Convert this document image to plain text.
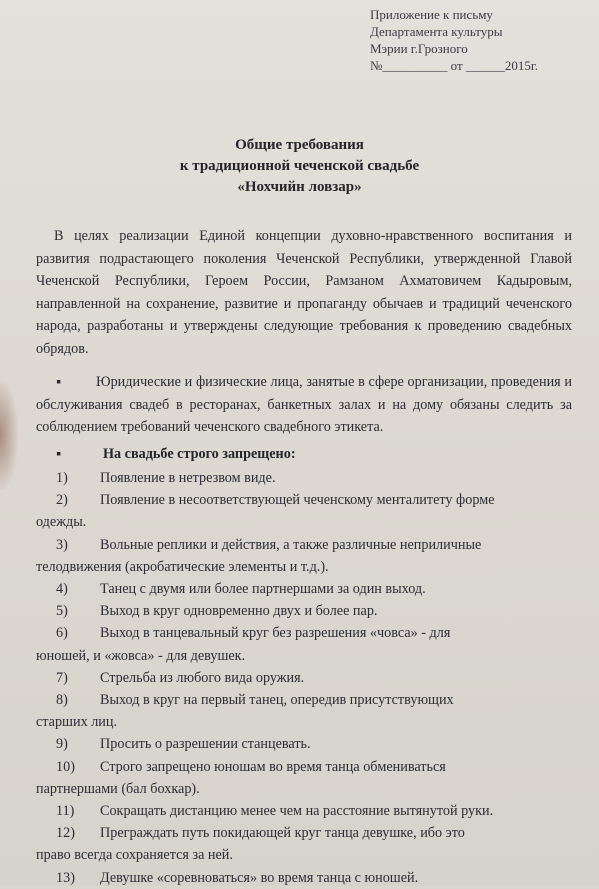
Приложение к письму
Департамента культуры
Мэрии г.Грозного
№__________ от ______2015г.
Общие требования
к традиционной чеченской свадьбе
«Нохчийн ловзар»

В целях реализации Единой концепции духовно-нравственного воспитания и развития подрастающего поколения Чеченской Республики, утвержденной Главой Чеченской Республики, Героем России, Рамзаном Ахматовичем Кадыровым, направленной на сохранение, развитие и пропаганду обычаев и традиций чеченского народа, разработаны и утверждены следующие требования к проведению свадебных обрядов.

▪ Юридические и физические лица, занятые в сфере организации, проведения и обслуживания свадеб в ресторанах, банкетных залах и на дому обязаны следить за соблюдением требований чеченского свадебного этикета.

▪	На свадьбе строго запрещено:
1)	Появление в нетрезвом виде.
2)	Появление в несоответствующей чеченскому менталитету форме
одежды.
3)	Вольные реплики и действия, а также различные неприличные
телодвижения (акробатические элементы и т.д.).
4)	Танец с двумя или более партнершами за один выход.
5)	Выход в круг одновременно двух и более пар.
6)	Выход в танцевальный круг без разрешения «човса» - для
юношей, и «жовса» - для девушек.
7)	Стрельба из любого вида оружия.
8)	Выход в круг на первый танец, опередив присутствующих
старших лиц.
9)	Просить о разрешении станцевать.
10)	Строго запрещено юношам во время танца обмениваться
партнершами (бал бохкар).
11)	Сокращать дистанцию менее чем на расстояние вытянутой руки.
12)	Преграждать путь покидающей круг танца девушке, ибо это
право всегда сохраняется за ней.
13)	Девушке «соревноваться» во время танца с юношей.
